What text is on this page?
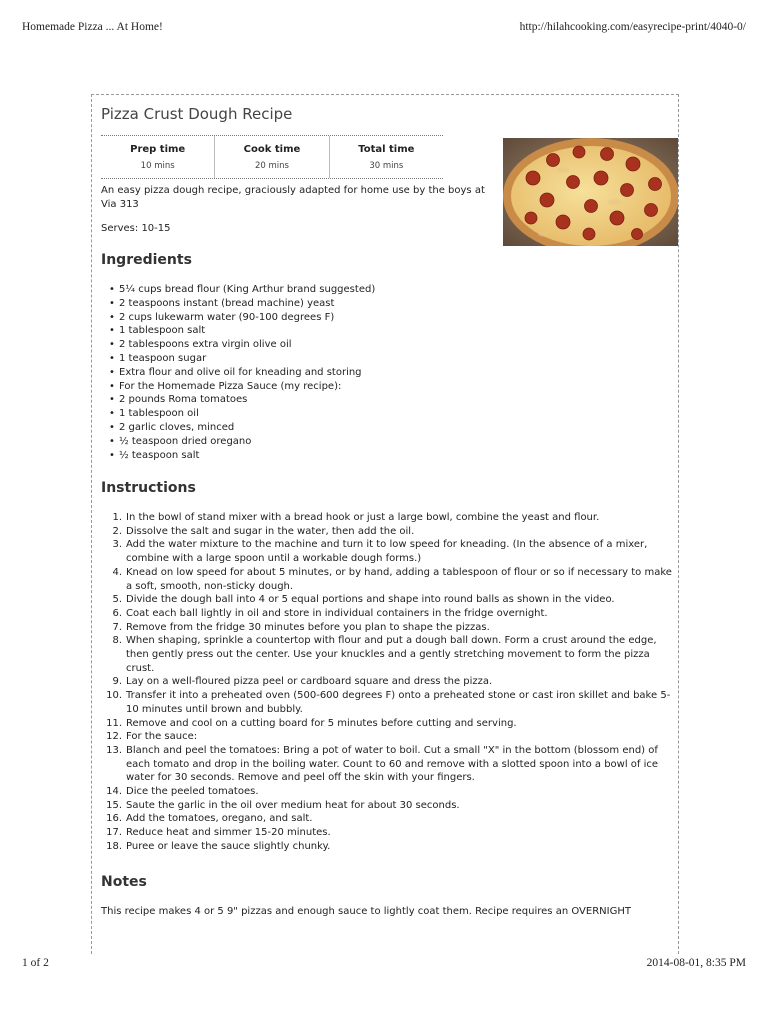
Homemade Pizza ... At Home!	http://hilahcooking.com/easyrecipe-print/4040-0/
Pizza Crust Dough Recipe
Prep time
10 mins
Cook time
20 mins
Total time
30 mins
An easy pizza dough recipe, graciously adapted for home use by the boys at Via 313
Serves: 10-15
Ingredients
• 5¼ cups bread flour (King Arthur brand suggested)
• 2 teaspoons instant (bread machine) yeast
• 2 cups lukewarm water (90-100 degrees F)
• 1 tablespoon salt
• 2 tablespoons extra virgin olive oil
• 1 teaspoon sugar
• Extra flour and olive oil for kneading and storing
• For the Homemade Pizza Sauce (my recipe):
• 2 pounds Roma tomatoes
• 1 tablespoon oil
• 2 garlic cloves, minced
• ½ teaspoon dried oregano
• ½ teaspoon salt
Instructions
1. In the bowl of stand mixer with a bread hook or just a large bowl, combine the yeast and flour.
2. Dissolve the salt and sugar in the water, then add the oil.
3. Add the water mixture to the machine and turn it to low speed for kneading. (In the absence of a mixer, combine with a large spoon until a workable dough forms.)
4. Knead on low speed for about 5 minutes, or by hand, adding a tablespoon of flour or so if necessary to make a soft, smooth, non-sticky dough.
5. Divide the dough ball into 4 or 5 equal portions and shape into round balls as shown in the video.
6. Coat each ball lightly in oil and store in individual containers in the fridge overnight.
7. Remove from the fridge 30 minutes before you plan to shape the pizzas.
8. When shaping, sprinkle a countertop with flour and put a dough ball down. Form a crust around the edge, then gently press out the center. Use your knuckles and a gently stretching movement to form the pizza crust.
9. Lay on a well-floured pizza peel or cardboard square and dress the pizza.
10. Transfer it into a preheated oven (500-600 degrees F) onto a preheated stone or cast iron skillet and bake 5-10 minutes until brown and bubbly.
11. Remove and cool on a cutting board for 5 minutes before cutting and serving.
12. For the sauce:
13. Blanch and peel the tomatoes: Bring a pot of water to boil. Cut a small "X" in the bottom (blossom end) of each tomato and drop in the boiling water. Count to 60 and remove with a slotted spoon into a bowl of ice water for 30 seconds. Remove and peel off the skin with your fingers.
14. Dice the peeled tomatoes.
15. Saute the garlic in the oil over medium heat for about 30 seconds.
16. Add the tomatoes, oregano, and salt.
17. Reduce heat and simmer 15-20 minutes.
18. Puree or leave the sauce slightly chunky.
Notes
This recipe makes 4 or 5 9" pizzas and enough sauce to lightly coat them. Recipe requires an OVERNIGHT
1 of 2	2014-08-01, 8:35 PM
